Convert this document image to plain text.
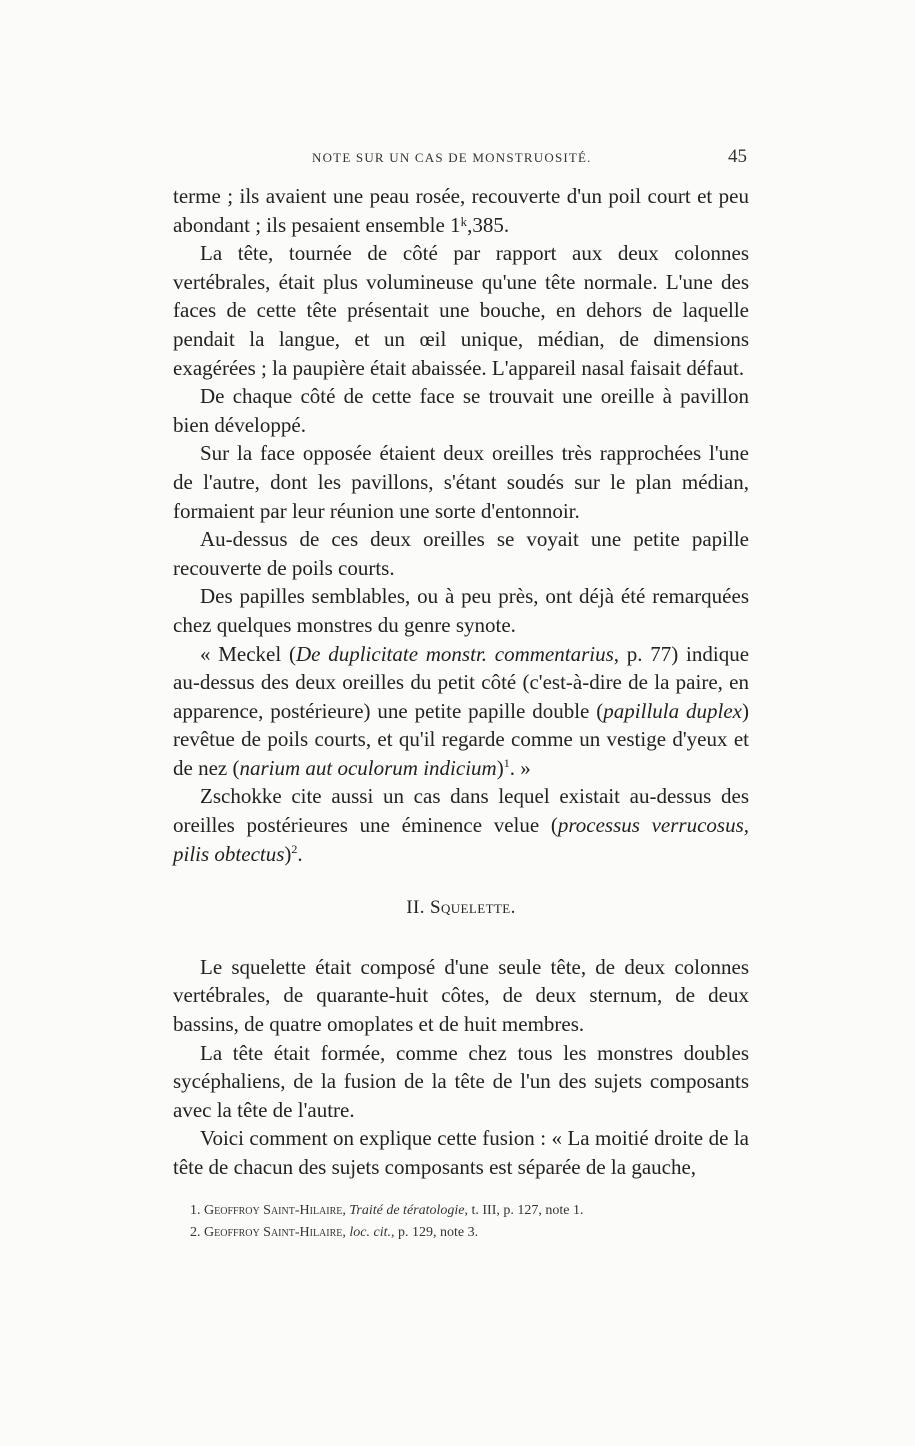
NOTE SUR UN CAS DE MONSTRUOSITÉ.	45

terme ; ils avaient une peau rosée, recouverte d'un poil court et peu abondant ; ils pesaient ensemble 1ᵏ,385.

La tête, tournée de côté par rapport aux deux colonnes vertébrales, était plus volumineuse qu'une tête normale. L'une des faces de cette tête présentait une bouche, en dehors de laquelle pendait la langue, et un œil unique, médian, de dimensions exagérées ; la paupière était abaissée. L'appareil nasal faisait défaut.

De chaque côté de cette face se trouvait une oreille à pavillon bien développé.

Sur la face opposée étaient deux oreilles très rapprochées l'une de l'autre, dont les pavillons, s'étant soudés sur le plan médian, formaient par leur réunion une sorte d'entonnoir.

Au-dessus de ces deux oreilles se voyait une petite papille recouverte de poils courts.

Des papilles semblables, ou à peu près, ont déjà été remarquées chez quelques monstres du genre synote.

« Meckel (De duplicitate monstr. commentarius, p. 77) indique au-dessus des deux oreilles du petit côté (c'est-à-dire de la paire, en apparence, postérieure) une petite papille double (papillula duplex) revêtue de poils courts, et qu'il regarde comme un vestige d'yeux et de nez (narium aut oculorum indicium)$^1$. »

Zschokke cite aussi un cas dans lequel existait au-dessus des oreilles postérieures une éminence velue (processus verrucosus, pilis obtectus)$^2$.

II. Squelette.

Le squelette était composé d'une seule tête, de deux colonnes vertébrales, de quarante-huit côtes, de deux sternum, de deux bassins, de quatre omoplates et de huit membres.

La tête était formée, comme chez tous les monstres doubles sycéphaliens, de la fusion de la tête de l'un des sujets composants avec la tête de l'autre.

Voici comment on explique cette fusion : « La moitié droite de la tête de chacun des sujets composants est séparée de la gauche,

1. Geoffroy Saint-Hilaire, Traité de tératologie, t. III, p. 127, note 1.

2. Geoffroy Saint-Hilaire, loc. cit., p. 129, note 3.
